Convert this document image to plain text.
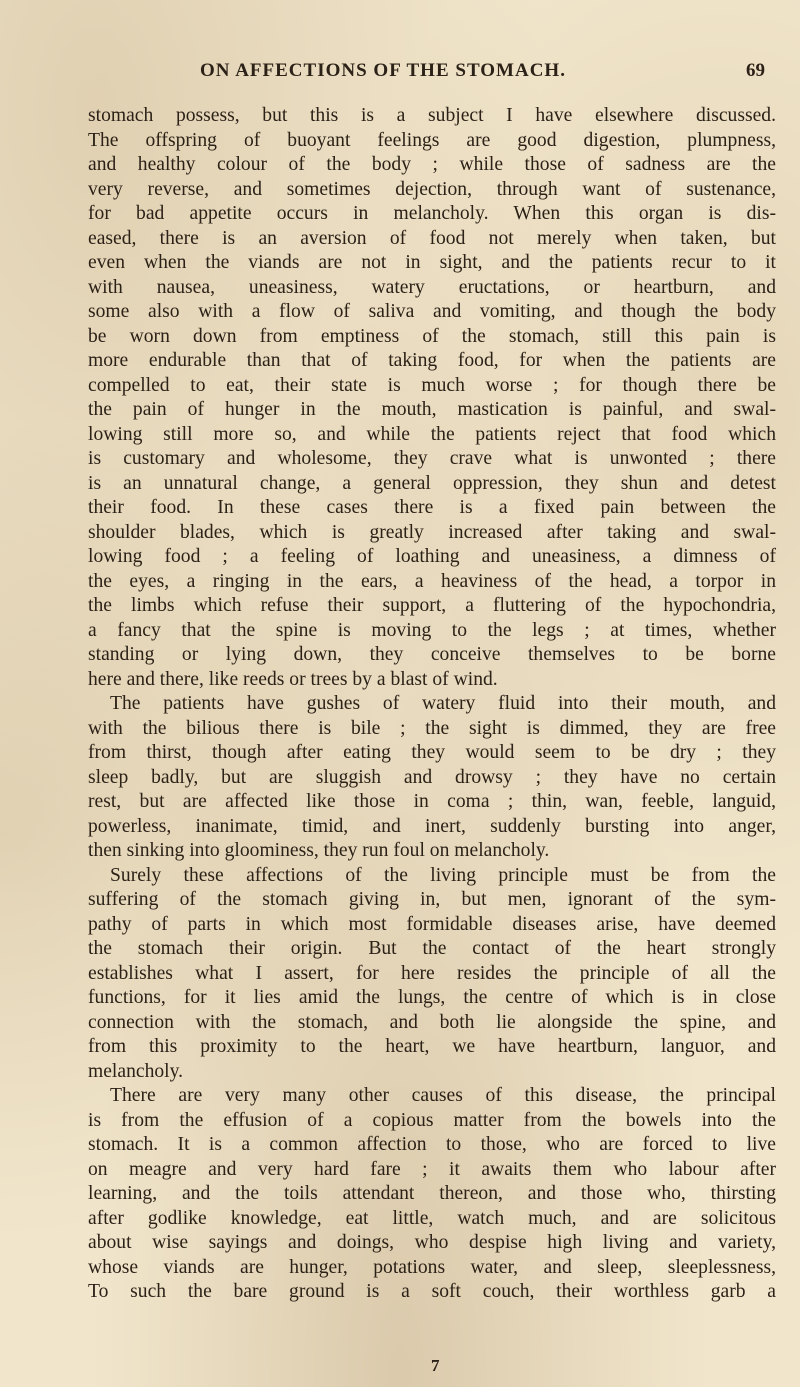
ON AFFECTIONS OF THE STOMACH.	69
stomach possess, but this is a subject I have elsewhere discussed.
The offspring of buoyant feelings are good digestion, plumpness,
and healthy colour of the body ; while those of sadness are the
very reverse, and sometimes dejection, through want of sustenance,
for bad appetite occurs in melancholy. When this organ is dis-
eased, there is an aversion of food not merely when taken, but
even when the viands are not in sight, and the patients recur to it
with nausea, uneasiness, watery eructations, or heartburn, and
some also with a flow of saliva and vomiting, and though the body
be worn down from emptiness of the stomach, still this pain is
more endurable than that of taking food, for when the patients are
compelled to eat, their state is much worse ; for though there be
the pain of hunger in the mouth, mastication is painful, and swal-
lowing still more so, and while the patients reject that food which
is customary and wholesome, they crave what is unwonted ; there
is an unnatural change, a general oppression, they shun and detest
their food. In these cases there is a fixed pain between the
shoulder blades, which is greatly increased after taking and swal-
lowing food ; a feeling of loathing and uneasiness, a dimness of
the eyes, a ringing in the ears, a heaviness of the head, a torpor in
the limbs which refuse their support, a fluttering of the hypochondria,
a fancy that the spine is moving to the legs ; at times, whether
standing or lying down, they conceive themselves to be borne
here and there, like reeds or trees by a blast of wind.
The patients have gushes of watery fluid into their mouth, and
with the bilious there is bile ; the sight is dimmed, they are free
from thirst, though after eating they would seem to be dry ; they
sleep badly, but are sluggish and drowsy ; they have no certain
rest, but are affected like those in coma ; thin, wan, feeble, languid,
powerless, inanimate, timid, and inert, suddenly bursting into anger,
then sinking into gloominess, they run foul on melancholy.
Surely these affections of the living principle must be from the
suffering of the stomach giving in, but men, ignorant of the sym-
pathy of parts in which most formidable diseases arise, have deemed
the stomach their origin. But the contact of the heart strongly
establishes what I assert, for here resides the principle of all the
functions, for it lies amid the lungs, the centre of which is in close
connection with the stomach, and both lie alongside the spine, and
from this proximity to the heart, we have heartburn, languor, and
melancholy.
There are very many other causes of this disease, the principal
is from the effusion of a copious matter from the bowels into the
stomach. It is a common affection to those, who are forced to live
on meagre and very hard fare ; it awaits them who labour after
learning, and the toils attendant thereon, and those who, thirsting
after godlike knowledge, eat little, watch much, and are solicitous
about wise sayings and doings, who despise high living and variety,
whose viands are hunger, potations water, and sleep, sleeplessness,
To such the bare ground is a soft couch, their worthless garb a
7
